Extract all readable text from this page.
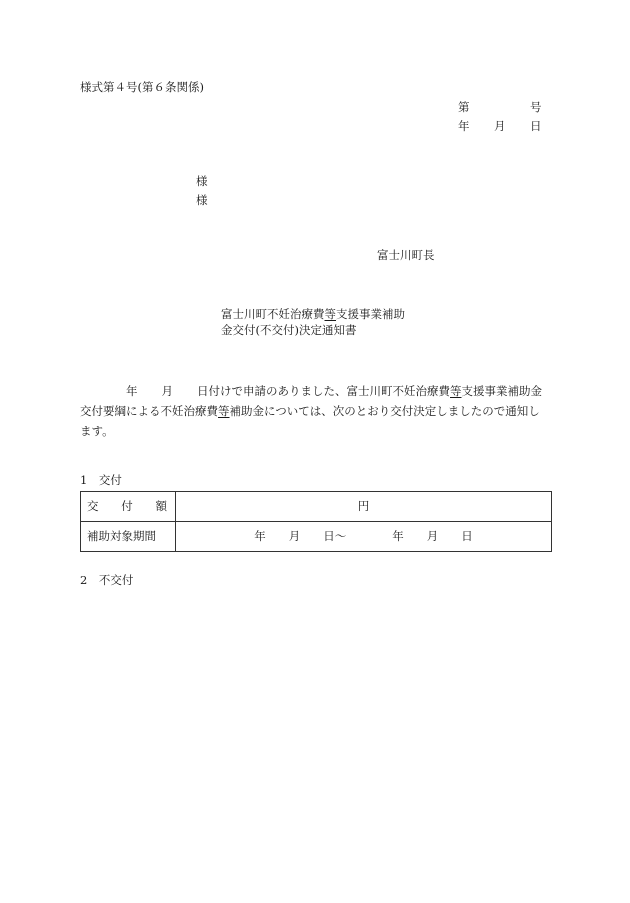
様式第４号(第６条関係)
第	号
年 月 日
様
様
富士川町長
富士川町不妊治療費等支援事業補助
金交付(不交付)決定通知書
年 月 日付けで申請のありました、富士川町不妊治療費等支援事業補助金
交付要綱による不妊治療費等補助金については、次のとおり交付決定しましたので通知し
ます。
1　交付
交 付 額	円
補助対象期間	年　　月　　日～　　　　年　　月　　日
2　不交付
